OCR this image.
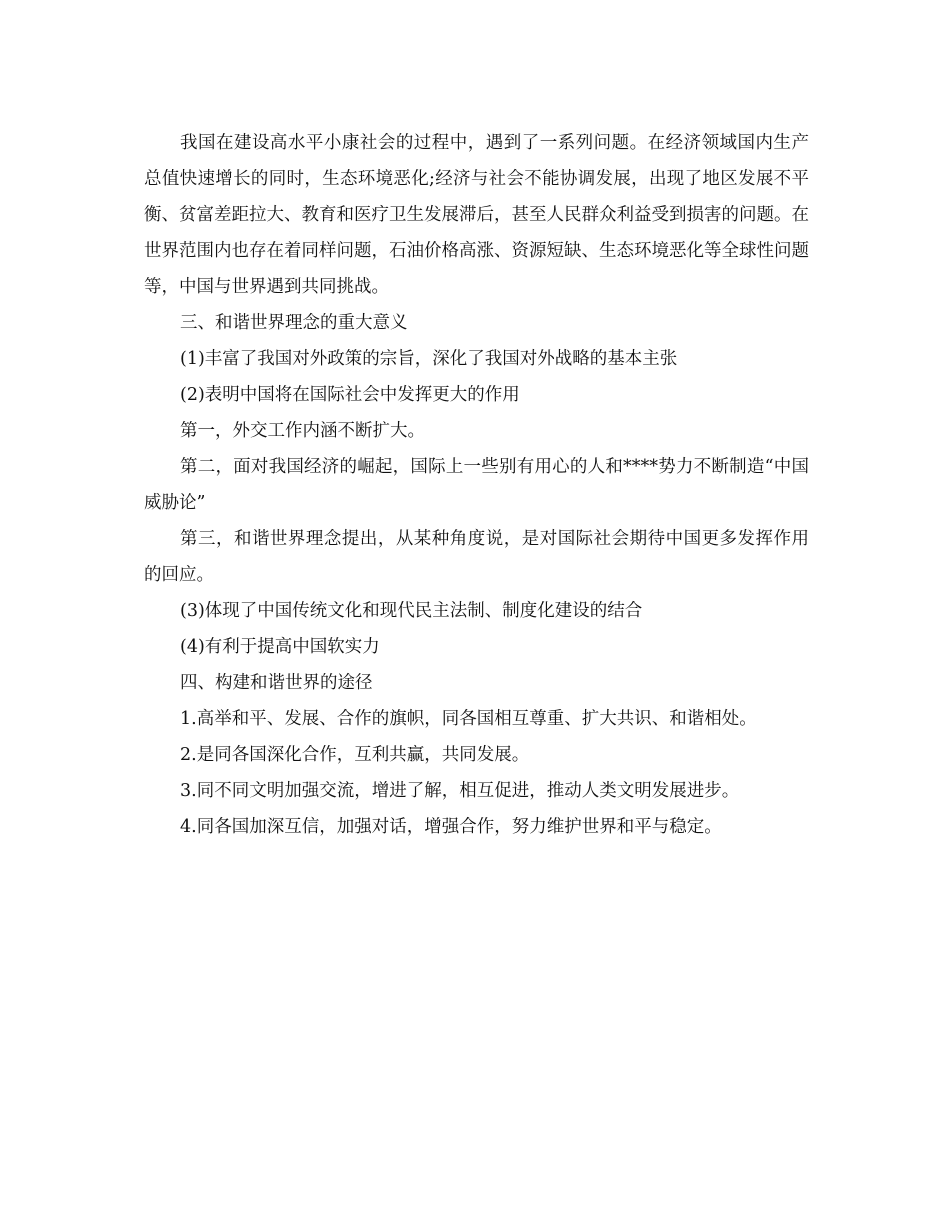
我国在建设高水平小康社会的过程中，遇到了一系列问题。在经济领域国内生产总值快速增长的同时，生态环境恶化;经济与社会不能协调发展，出现了地区发展不平衡、贫富差距拉大、教育和医疗卫生发展滞后，甚至人民群众利益受到损害的问题。在世界范围内也存在着同样问题，石油价格高涨、资源短缺、生态环境恶化等全球性问题等，中国与世界遇到共同挑战。

三、和谐世界理念的重大意义

(1)丰富了我国对外政策的宗旨，深化了我国对外战略的基本主张

(2)表明中国将在国际社会中发挥更大的作用

第一，外交工作内涵不断扩大。

第二，面对我国经济的崛起，国际上一些别有用心的人和****势力不断制造“中国威胁论”

第三，和谐世界理念提出，从某种角度说，是对国际社会期待中国更多发挥作用的回应。

(3)体现了中国传统文化和现代民主法制、制度化建设的结合

(4)有利于提高中国软实力

四、构建和谐世界的途径

1.高举和平、发展、合作的旗帜，同各国相互尊重、扩大共识、和谐相处。

2.是同各国深化合作，互利共赢，共同发展。

3.同不同文明加强交流，增进了解，相互促进，推动人类文明发展进步。

4.同各国加深互信，加强对话，增强合作，努力维护世界和平与稳定。
